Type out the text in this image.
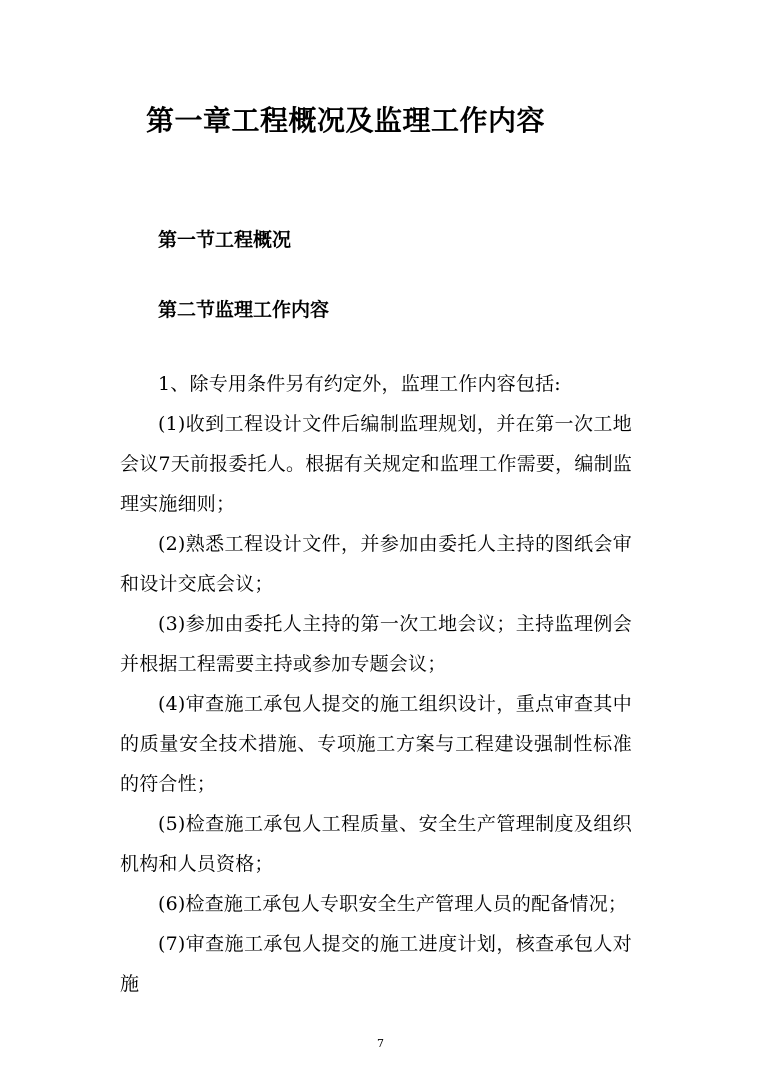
第一章工程概况及监理工作内容
第一节工程概况
第二节监理工作内容

1、除专用条件另有约定外，监理工作内容包括:

(1)收到工程设计文件后编制监理规划，并在第一次工地会议7天前报委托人。根据有关规定和监理工作需要，编制监理实施细则；

(2)熟悉工程设计文件，并参加由委托人主持的图纸会审和设计交底会议；

(3)参加由委托人主持的第一次工地会议；主持监理例会并根据工程需要主持或参加专题会议；

(4)审查施工承包人提交的施工组织设计，重点审查其中的质量安全技术措施、专项施工方案与工程建设强制性标准的符合性；

(5)检查施工承包人工程质量、安全生产管理制度及组织机构和人员资格；

(6)检查施工承包人专职安全生产管理人员的配备情况；

(7)审查施工承包人提交的施工进度计划，核查承包人对施

7
